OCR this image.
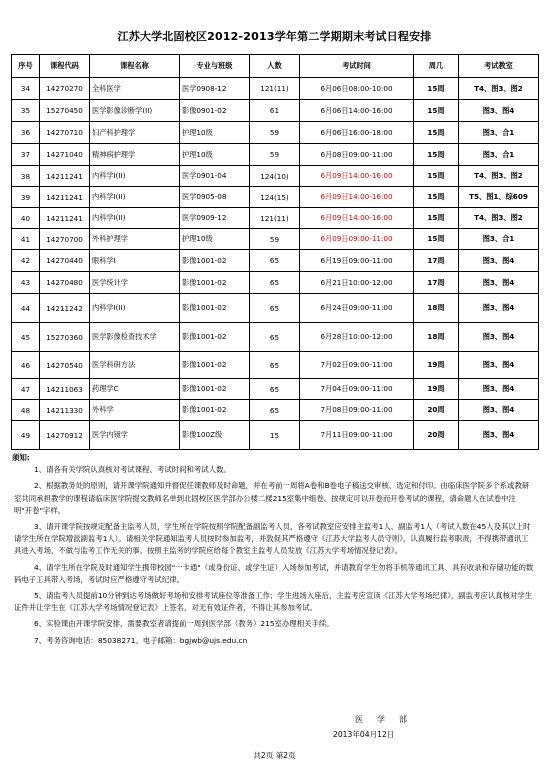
江苏大学北固校区2012-2013学年第二学期期末考试日程安排
序号	课程代码	课程名称	专业与班级	人数	考试时间	周几	考试教室
34	14270270	全科医学	医学0908-12	121(11)	6月06日08:00-10:00	15周	T4、图3、图2
35	15270450	医学影像诊断学(II)	影像0901-02	61	6月06日14:00-16:00	15周	图3、图4
36	14270710	妇产科护理学	护理10级	59	6月06日16:00-18:00	15周	图3、合1
37	14271040	精神病护理学	护理10级	59	6月08日09:00-11:00	15周	图3、合1
38	14211241	内科学I(II)	医学0901-04	124(10)	6月09日14:00-16:00	15周	T4、图3、图2
39	14211241	内科学I(II)	医学0905-08	124(15)	6月09日14:00-16:00	15周	T5、图1、综609
40	14211241	内科学I(II)	医学0909-12	121(11)	6月09日14:00-16:00	15周	T4、图3、图2
41	14270700	外科护理学	护理10级	59	6月09日09:00-11:00	15周	图3、合1
42	14270440	眼科学I	影像1001-02	65	6月19日09:00-11:00	17周	图3、图4
43	14270480	医学统计学	影像1001-02	65	6月21日10:00-12:00	17周	图3、图4
44	14211242	内科学I(II)	影像1001-02	65	6月24日09:00-11:00	18周	图3、图4
45	15270360	医学影像检查技术学	影像1001-02	65	6月28日10:00-12:00	18周	图3、图4
46	14270540	医学科研方法	影像1001-02	65	7月02日09:00-11:00	19周	图3、图4
47	14211063	药理学C	影像1001-02	65	7月04日09:00-11:00	19周	图3、图4
48	14211330	外科学	影像1001-02	65	7月08日09:00-11:00	20周	图3、图4
49	14270912	医学内镜学	影像100Z级	15	7月11日09:00-11:00	20周	图3、图4
须知:

1、请各有关学院认真核对考试课程、考试时间和考试人数。

2、根据教务处的原则，请开课学院通知并督促任课教师及时命题，并在考前一周将A卷和B卷电子稿送交审核、选定和付印。由临床医学院多个系或教研室共同承担教学的课程请临床医学院提交教师名单到北固校区医学部办公楼二楼215室集中组卷。按规定可以开卷而开卷考试的课程，请命题人在试卷中注明"开卷"字样。

3、请开课学院按规定配备主监考人员，学生所在学院按照学院配备副监考人员，各考试教室应安排主监考1人、副监考1人（考试人数在45人及其以上时请学生所在学院增派副监考1人）。请相关学院通知监考人员按时参加监考，并敦促其严格遵守《江苏大学监考人员守则》，认真履行监考职责，不得携带通讯工具进入考场，不做与监考工作无关的事。按照主监考的学院应给每个教室主监考人员发放《江苏大学考场情况登记表》。

4、请学生所在学院及时通知学生携带校园"一卡通"（或身份证、或学生证）入场参加考试，并请教育学生勿将手机等通讯工具、具有收录和存储功能的数码电子工具带入考场，考试时应严格遵守考试纪律。

5、请监考人员提前10分钟到达考场做好考场和安排考试座位等准备工作；学生进场入座后，主监考应宣读《江苏大学考场纪律》，副监考应认真核对学生证件并让学生在《江苏大学考场情况登记表》上签名，对无有效证件者，不得让其参加考试。

6、实验课由开课学院安排，需要教室者请提前一周到医学部（教务）215室办理相关手续。

7、考务咨询电话：85038271。电子邮箱：bgjwb@ujs.edu.cn

医学部
2013年04月12日
共2页 第2页
